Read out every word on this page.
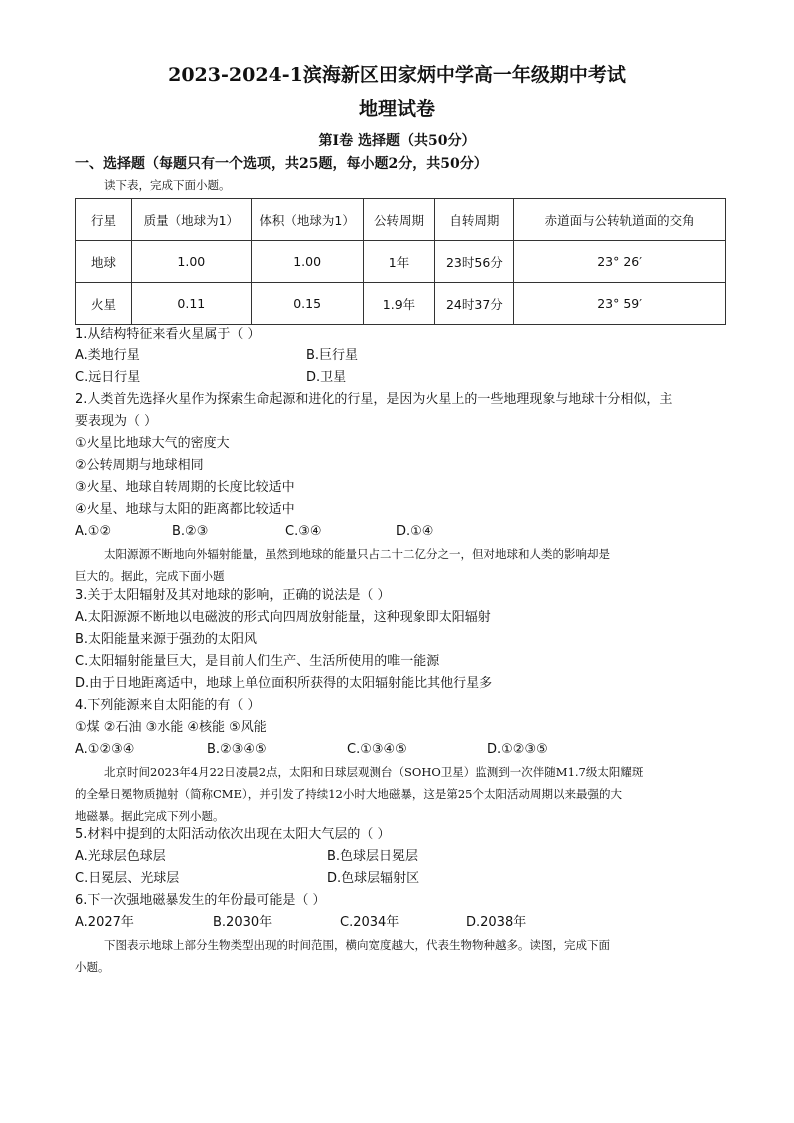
2023-2024-1滨海新区田家炳中学高一年级期中考试
地理试卷
第I卷 选择题（共50分）
一、选择题（每题只有一个选项，共25题，每小题2分，共50分）
读下表，完成下面小题。
行星	质量（地球为1）	体积（地球为1）	公转周期	自转周期	赤道面与公转轨道面的交角
地球	1.00	1.00	1年	23时56分	23° 26′
火星	0.11	0.15	1.9年	24时37分	23° 59′
1.从结构特征来看火星属于（ ）
A.类地行星	B.巨行星
C.远日行星	D.卫星
2.人类首先选择火星作为探索生命起源和进化的行星，是因为火星上的一些地理现象与地球十分相似，主
要表现为（ ）
①火星比地球大气的密度大
②公转周期与地球相同
③火星、地球自转周期的长度比较适中
④火星、地球与太阳的距离都比较适中
A.①②	B.②③	C.③④	D.①④
太阳源源不断地向外辐射能量，虽然到地球的能量只占二十二亿分之一，但对地球和人类的影响却是
巨大的。据此，完成下面小题
3.关于太阳辐射及其对地球的影响，正确的说法是（ ）
A.太阳源源不断地以电磁波的形式向四周放射能量，这种现象即太阳辐射
B.太阳能量来源于强劲的太阳风
C.太阳辐射能量巨大，是目前人们生产、生活所使用的唯一能源
D.由于日地距离适中，地球上单位面积所获得的太阳辐射能比其他行星多
4.下列能源来自太阳能的有（ ）
①煤 ②石油 ③水能 ④核能 ⑤风能
A.①②③④	B.②③④⑤	C.①③④⑤	D.①②③⑤
北京时间2023年4月22日凌晨2点，太阳和日球层观测台（SOHO卫星）监测到一次伴随M1.7级太阳耀斑
的全晕日冕物质抛射（简称CME），并引发了持续12小时大地磁暴，这是第25个太阳活动周期以来最强的大
地磁暴。据此完成下列小题。
5.材料中提到的太阳活动依次出现在太阳大气层的（ ）
A.光球层色球层	B.色球层日冕层
C.日冕层、光球层	D.色球层辐射区
6.下一次强地磁暴发生的年份最可能是（ ）
A.2027年	B.2030年	C.2034年	D.2038年
下图表示地球上部分生物类型出现的时间范围，横向宽度越大，代表生物物种越多。读图，完成下面
小题。
